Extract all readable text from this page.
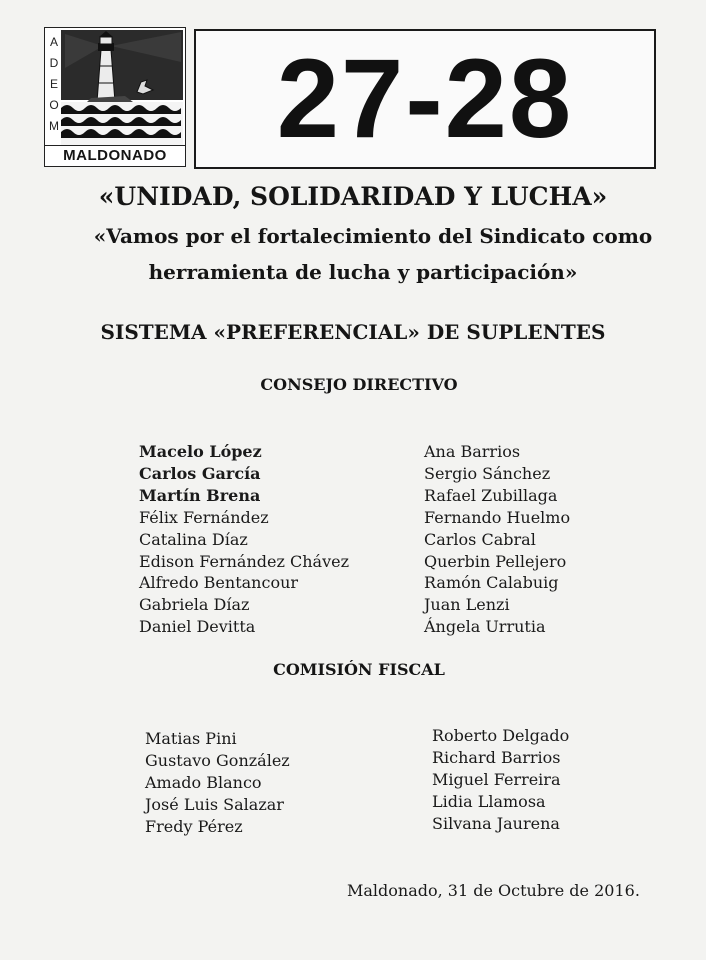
A
D
E
O
M
MALDONADO 27-28
«UNIDAD, SOLIDARIDAD Y LUCHA»
«Vamos por el fortalecimiento del Sindicato como
herramienta de lucha y participación»
SISTEMA «PREFERENCIAL» DE SUPLENTES
CONSEJO DIRECTIVO
Macelo López
Carlos García
Martín Brena
Félix Fernández
Catalina Díaz
Edison Fernández Chávez
Alfredo Bentancour
Gabriela Díaz
Daniel Devitta
Ana Barrios
Sergio Sánchez
Rafael Zubillaga
Fernando Huelmo
Carlos Cabral
Querbin Pellejero
Ramón Calabuig
Juan Lenzi
Ángela Urrutia
COMISIÓN FISCAL
Matias Pini
Gustavo González
Amado Blanco
José Luis Salazar
Fredy Pérez
Roberto Delgado
Richard Barrios
Miguel Ferreira
Lidia Llamosa
Silvana Jaurena
Maldonado, 31 de Octubre de 2016.
